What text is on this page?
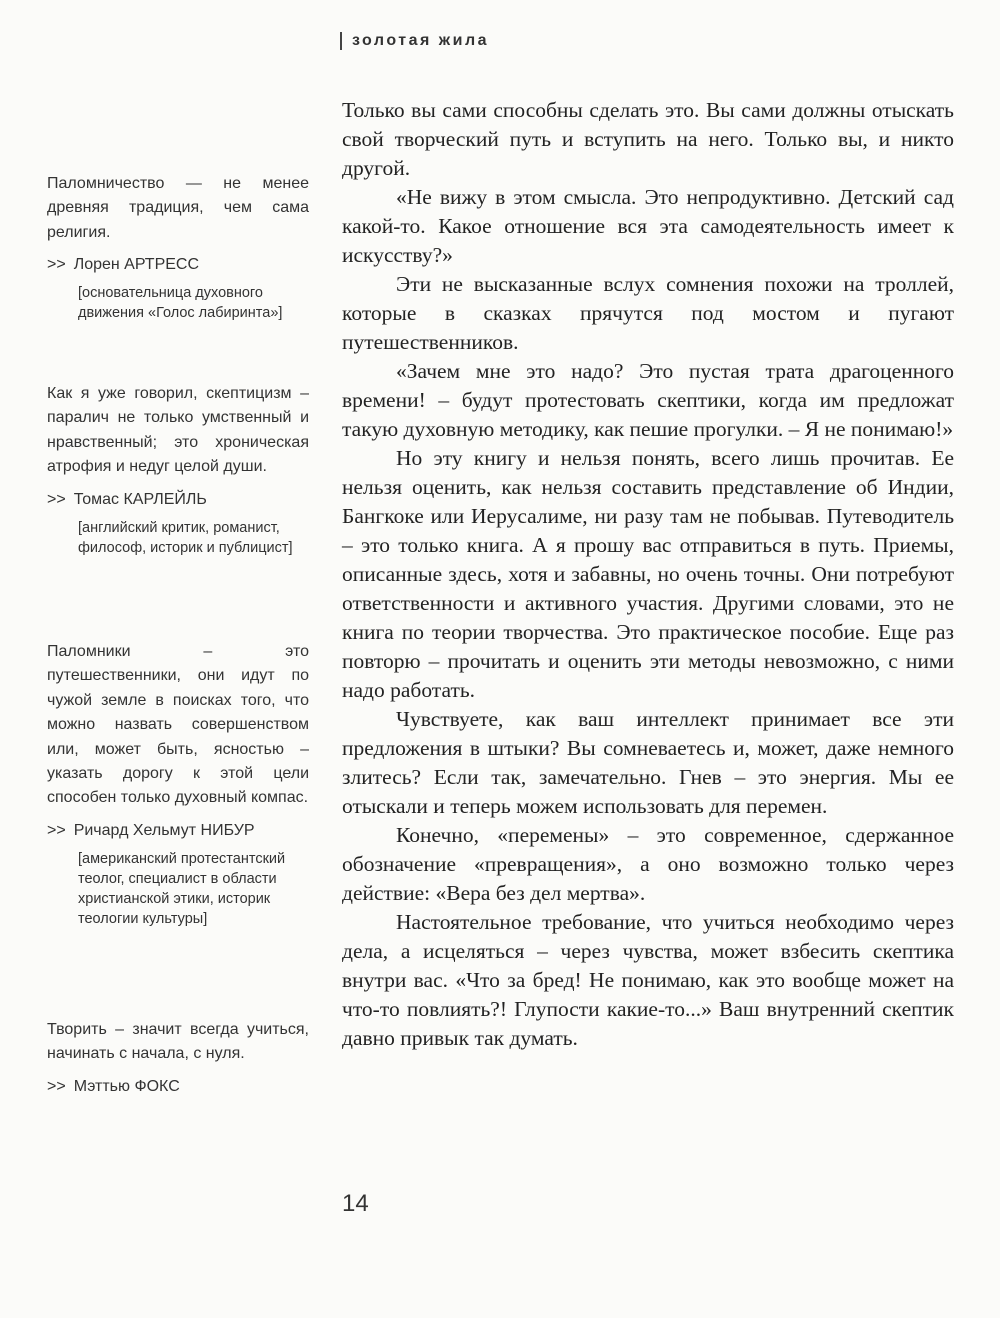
золотая жила
Паломничество — не менее древняя традиция, чем сама религия.
>> Лорен АРТРЕСС
[основательница духовного движения «Голос лабиринта»]
Как я уже говорил, скептицизм – паралич не только умственный и нравственный; это хроническая атрофия и недуг целой души.
>> Томас КАРЛЕЙЛЬ
[английский критик, романист, философ, историк и публицист]
Паломники – это путешественники, они идут по чужой земле в поисках того, что можно назвать совершенством или, может быть, ясностью – указать дорогу к этой цели способен только духовный компас.
>> Ричард Хельмут НИБУР
[американский протестантский теолог, специалист в области христианской этики, историк теологии культуры]
Творить – значит всегда учиться, начинать с начала, с нуля.
>> Мэттью ФОКС

Только вы сами способны сделать это. Вы сами должны отыскать свой творческий путь и вступить на него. Только вы, и никто другой.

«Не вижу в этом смысла. Это непродуктивно. Детский сад какой-то. Какое отношение вся эта самодеятельность имеет к искусству?»

Эти не высказанные вслух сомнения похожи на троллей, которые в сказках прячутся под мостом и пугают путешественников.

«Зачем мне это надо? Это пустая трата драгоценного времени! – будут протестовать скептики, когда им предложат такую духовную методику, как пешие прогулки. – Я не понимаю!»

Но эту книгу и нельзя понять, всего лишь прочитав. Ее нельзя оценить, как нельзя составить представление об Индии, Бангкоке или Иерусалиме, ни разу там не побывав. Путеводитель – это только книга. А я прошу вас отправиться в путь. Приемы, описанные здесь, хотя и забавны, но очень точны. Они потребуют ответственности и активного участия. Другими словами, это не книга по теории творчества. Это практическое пособие. Еще раз повторю – прочитать и оценить эти методы невозможно, с ними надо работать.

Чувствуете, как ваш интеллект принимает все эти предложения в штыки? Вы сомневаетесь и, может, даже немного злитесь? Если так, замечательно. Гнев – это энергия. Мы ее отыскали и теперь можем использовать для перемен.

Конечно, «перемены» – это современное, сдержанное обозначение «превращения», а оно возможно только через действие: «Вера без дел мертва».

Настоятельное требование, что учиться необходимо через дела, а исцеляться – через чувства, может взбесить скептика внутри вас. «Что за бред! Не понимаю, как это вообще может на что-то повлиять?! Глупости какие-то...» Ваш внутренний скептик давно привык так думать.

14
